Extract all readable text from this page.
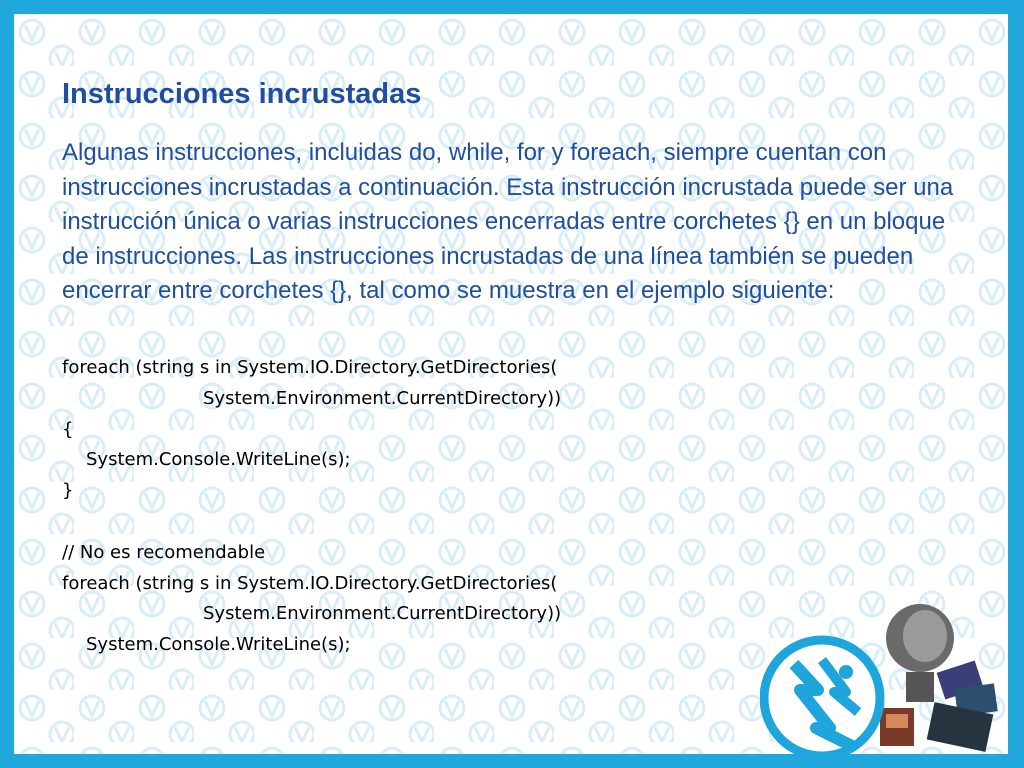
Instrucciones incrustadas

Algunas instrucciones, incluidas do, while, for y foreach, siempre cuentan con instrucciones incrustadas a continuación. Esta instrucción incrustada puede ser una instrucción única o varias instrucciones encerradas entre corchetes {} en un bloque de instrucciones. Las instrucciones incrustadas de una línea también se pueden encerrar entre corchetes {}, tal como se muestra en el ejemplo siguiente:

foreach (string s in System.IO.Directory.GetDirectories(
System.Environment.CurrentDirectory))
{
System.Console.WriteLine(s);
}
// No es recomendable
foreach (string s in System.IO.Directory.GetDirectories(
System.Environment.CurrentDirectory))
System.Console.WriteLine(s);
